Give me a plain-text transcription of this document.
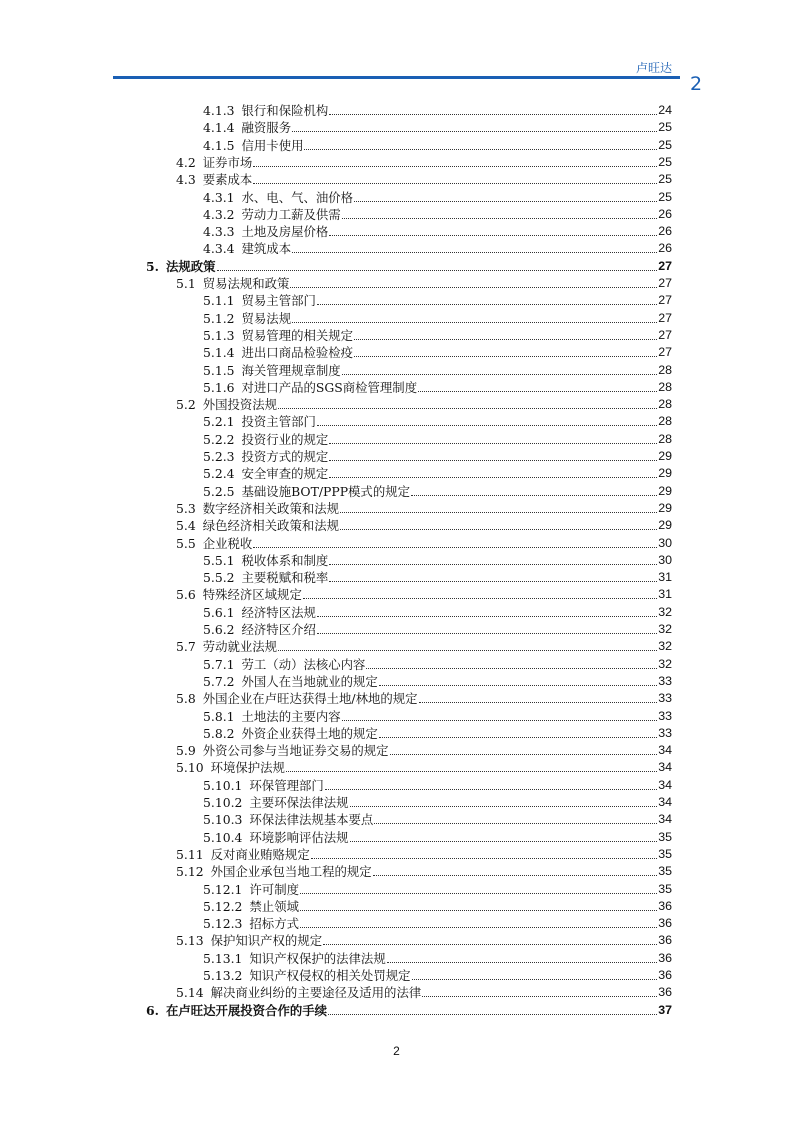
卢旺达
2
4.1.3 银行和保险机构	24
4.1.4 融资服务	25
4.1.5 信用卡使用	25
4.2 证券市场	25
4.3 要素成本	25
4.3.1 水、电、气、油价格	25
4.3.2 劳动力工薪及供需	26
4.3.3 土地及房屋价格	26
4.3.4 建筑成本	26
5. 法规政策	27
5.1 贸易法规和政策	27
5.1.1 贸易主管部门	27
5.1.2 贸易法规	27
5.1.3 贸易管理的相关规定	27
5.1.4 进出口商品检验检疫	27
5.1.5 海关管理规章制度	28
5.1.6 对进口产品的SGS商检管理制度	28
5.2 外国投资法规	28
5.2.1 投资主管部门	28
5.2.2 投资行业的规定	28
5.2.3 投资方式的规定	29
5.2.4 安全审查的规定	29
5.2.5 基础设施BOT/PPP模式的规定	29
5.3 数字经济相关政策和法规	29
5.4 绿色经济相关政策和法规	29
5.5 企业税收	30
5.5.1 税收体系和制度	30
5.5.2 主要税赋和税率	31
5.6 特殊经济区域规定	31
5.6.1 经济特区法规	32
5.6.2 经济特区介绍	32
5.7 劳动就业法规	32
5.7.1 劳工（动）法核心内容	32
5.7.2 外国人在当地就业的规定	33
5.8 外国企业在卢旺达获得土地/林地的规定	33
5.8.1 土地法的主要内容	33
5.8.2 外资企业获得土地的规定	33
5.9 外资公司参与当地证券交易的规定	34
5.10 环境保护法规	34
5.10.1 环保管理部门	34
5.10.2 主要环保法律法规	34
5.10.3 环保法律法规基本要点	34
5.10.4 环境影响评估法规	35
5.11 反对商业贿赂规定	35
5.12 外国企业承包当地工程的规定	35
5.12.1 许可制度	35
5.12.2 禁止领域	36
5.12.3 招标方式	36
5.13 保护知识产权的规定	36
5.13.1 知识产权保护的法律法规	36
5.13.2 知识产权侵权的相关处罚规定	36
5.14 解决商业纠纷的主要途径及适用的法律	36
6. 在卢旺达开展投资合作的手续	37
2
